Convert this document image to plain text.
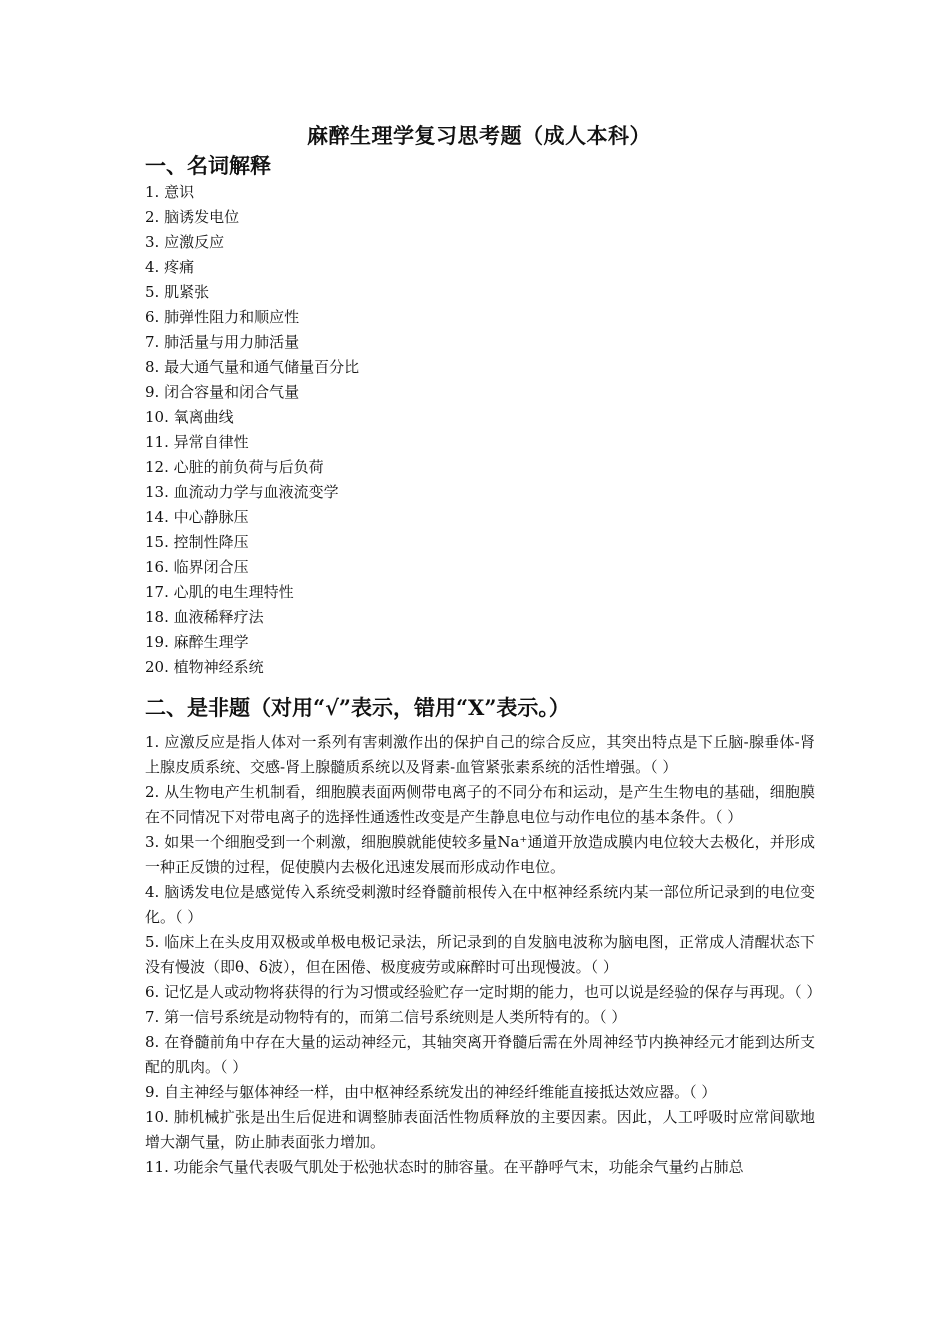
麻醉生理学复习思考题（成人本科）
一、名词解释
1. 意识
2. 脑诱发电位
3. 应激反应
4. 疼痛
5. 肌紧张
6. 肺弹性阻力和顺应性
7. 肺活量与用力肺活量
8. 最大通气量和通气储量百分比
9. 闭合容量和闭合气量
10. 氧离曲线
11. 异常自律性
12. 心脏的前负荷与后负荷
13. 血流动力学与血液流变学
14. 中心静脉压
15. 控制性降压
16. 临界闭合压
17. 心肌的电生理特性
18. 血液稀释疗法
19. 麻醉生理学
20. 植物神经系统
二、是非题（对用“√”表示，错用“X”表示。）
1. 应激反应是指人体对一系列有害刺激作出的保护自己的综合反应，其突出特点是下丘脑-腺垂体-肾上腺皮质系统、交感-肾上腺髓质系统以及肾素-血管紧张素系统的活性增强。（ ）
2. 从生物电产生机制看，细胞膜表面两侧带电离子的不同分布和运动，是产生生物电的基础，细胞膜在不同情况下对带电离子的选择性通透性改变是产生静息电位与动作电位的基本条件。（ ）
3. 如果一个细胞受到一个刺激，细胞膜就能使较多量Na⁺通道开放造成膜内电位较大去极化，并形成一种正反馈的过程，促使膜内去极化迅速发展而形成动作电位。
4. 脑诱发电位是感觉传入系统受刺激时经脊髓前根传入在中枢神经系统内某一部位所记录到的电位变化。（ ）
5. 临床上在头皮用双极或单极电极记录法，所记录到的自发脑电波称为脑电图，正常成人清醒状态下没有慢波（即θ、δ波），但在困倦、极度疲劳或麻醉时可出现慢波。（ ）
6. 记忆是人或动物将获得的行为习惯或经验贮存一定时期的能力，也可以说是经验的保存与再现。（ ）
7. 第一信号系统是动物特有的，而第二信号系统则是人类所特有的。（ ）
8. 在脊髓前角中存在大量的运动神经元，其轴突离开脊髓后需在外周神经节内换神经元才能到达所支配的肌肉。（ ）
9. 自主神经与躯体神经一样，由中枢神经系统发出的神经纤维能直接抵达效应器。（ ）
10. 肺机械扩张是出生后促进和调整肺表面活性物质释放的主要因素。因此，人工呼吸时应常间歇地增大潮气量，防止肺表面张力增加。
11. 功能余气量代表吸气肌处于松弛状态时的肺容量。在平静呼气末，功能余气量约占肺总
